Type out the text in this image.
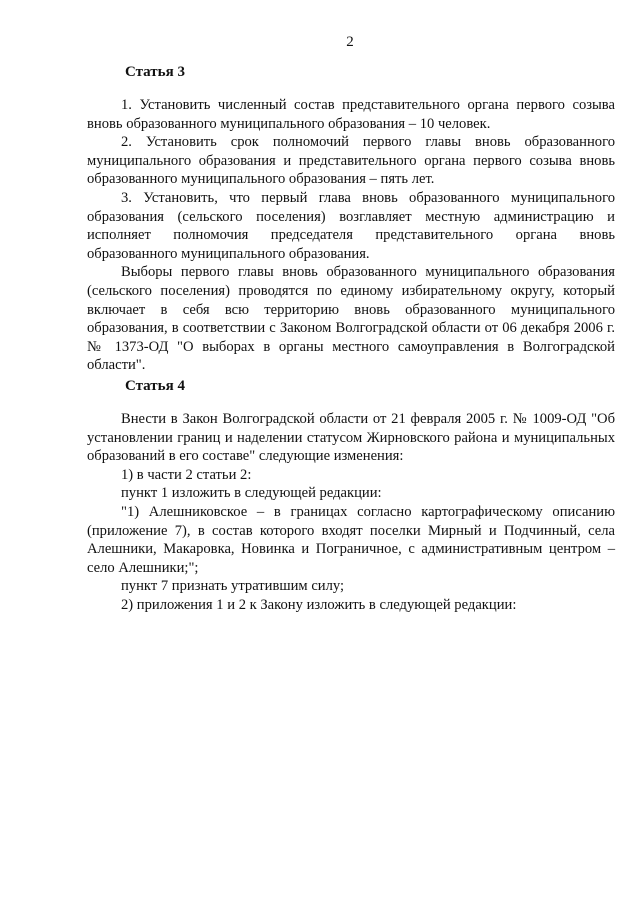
2
Статья 3

1. Установить численный состав представительного органа первого созыва вновь образованного муниципального образования – 10 человек.

2. Установить срок полномочий первого главы вновь образованного муниципального образования и представительного органа первого созыва вновь образованного муниципального образования – пять лет.

3. Установить, что первый глава вновь образованного муниципального образования (сельского поселения) возглавляет местную администрацию и исполняет полномочия председателя представительного органа вновь образованного муниципального образования.

Выборы первого главы вновь образованного муниципального образования (сельского поселения) проводятся по единому избирательному округу, который включает в себя всю территорию вновь образованного муниципального образования, в соответствии с Законом Волгоградской области от 06 декабря 2006 г. № 1373-ОД "О выборах в органы местного самоуправления в Волгоградской области".

Статья 4

Внести в Закон Волгоградской области от 21 февраля 2005 г. № 1009-ОД "Об установлении границ и наделении статусом Жирновского района и муниципальных образований в его составе" следующие изменения:

1) в части 2 статьи 2:

пункт 1 изложить в следующей редакции:

"1) Алешниковское – в границах согласно картографическому описанию (приложение 7), в состав которого входят поселки Мирный и Подчинный, села Алешники, Макаровка, Новинка и Пограничное, с административным центром – село Алешники;";

пункт 7 признать утратившим силу;

2) приложения 1 и 2 к Закону изложить в следующей редакции:
